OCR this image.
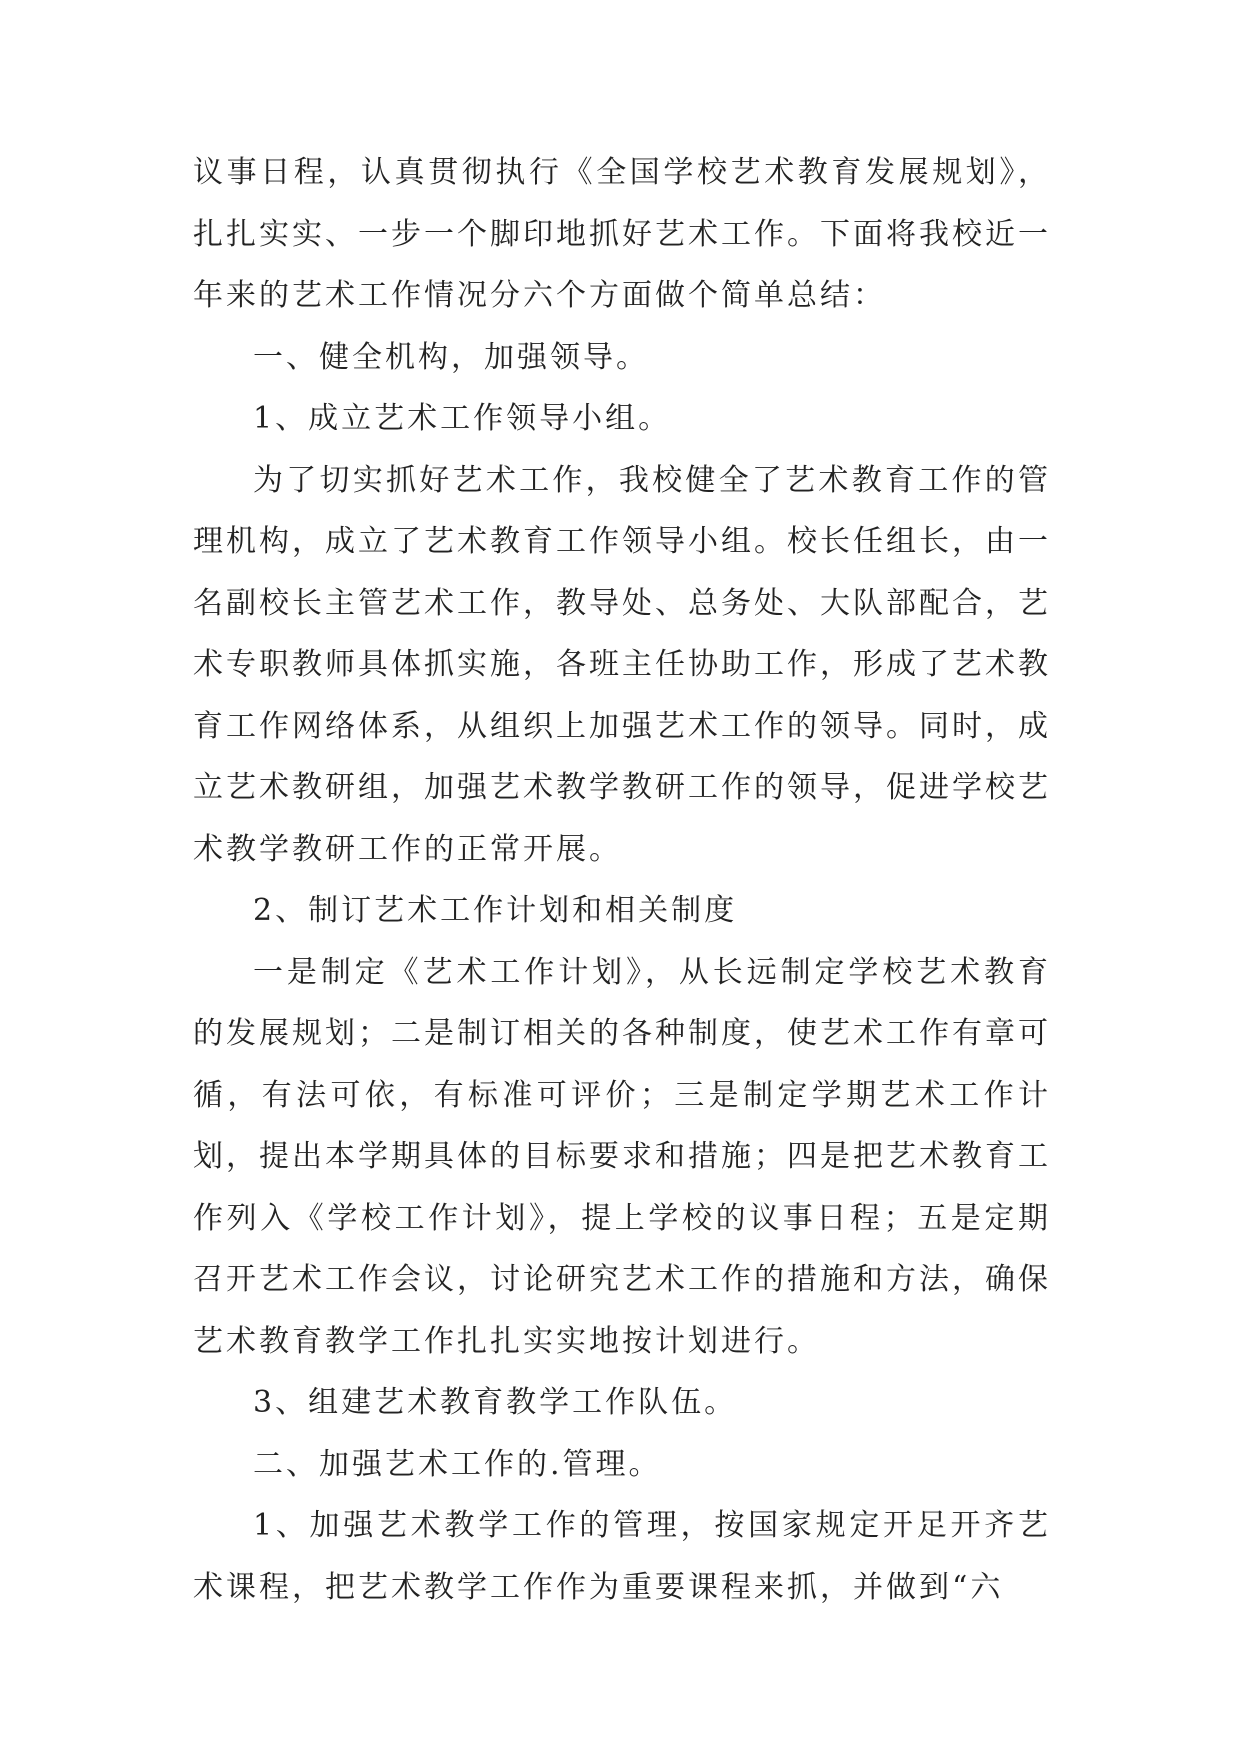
议事日程，认真贯彻执行《全国学校艺术教育发展规划》，扎扎实实、一步一个脚印地抓好艺术工作。下面将我校近一年来的艺术工作情况分六个方面做个简单总结：

一、健全机构，加强领导。

1、成立艺术工作领导小组。

为了切实抓好艺术工作，我校健全了艺术教育工作的管理机构，成立了艺术教育工作领导小组。校长任组长，由一名副校长主管艺术工作，教导处、总务处、大队部配合，艺术专职教师具体抓实施，各班主任协助工作，形成了艺术教育工作网络体系，从组织上加强艺术工作的领导。同时，成立艺术教研组，加强艺术教学教研工作的领导，促进学校艺术教学教研工作的正常开展。

2、制订艺术工作计划和相关制度

一是制定《艺术工作计划》，从长远制定学校艺术教育的发展规划；二是制订相关的各种制度，使艺术工作有章可循，有法可依，有标准可评价；三是制定学期艺术工作计划，提出本学期具体的目标要求和措施；四是把艺术教育工作列入《学校工作计划》，提上学校的议事日程；五是定期召开艺术工作会议，讨论研究艺术工作的措施和方法，确保艺术教育教学工作扎扎实实地按计划进行。

3、组建艺术教育教学工作队伍。

二、加强艺术工作的.管理。

1、加强艺术教学工作的管理，按国家规定开足开齐艺术课程，把艺术教学工作作为重要课程来抓，并做到“六
